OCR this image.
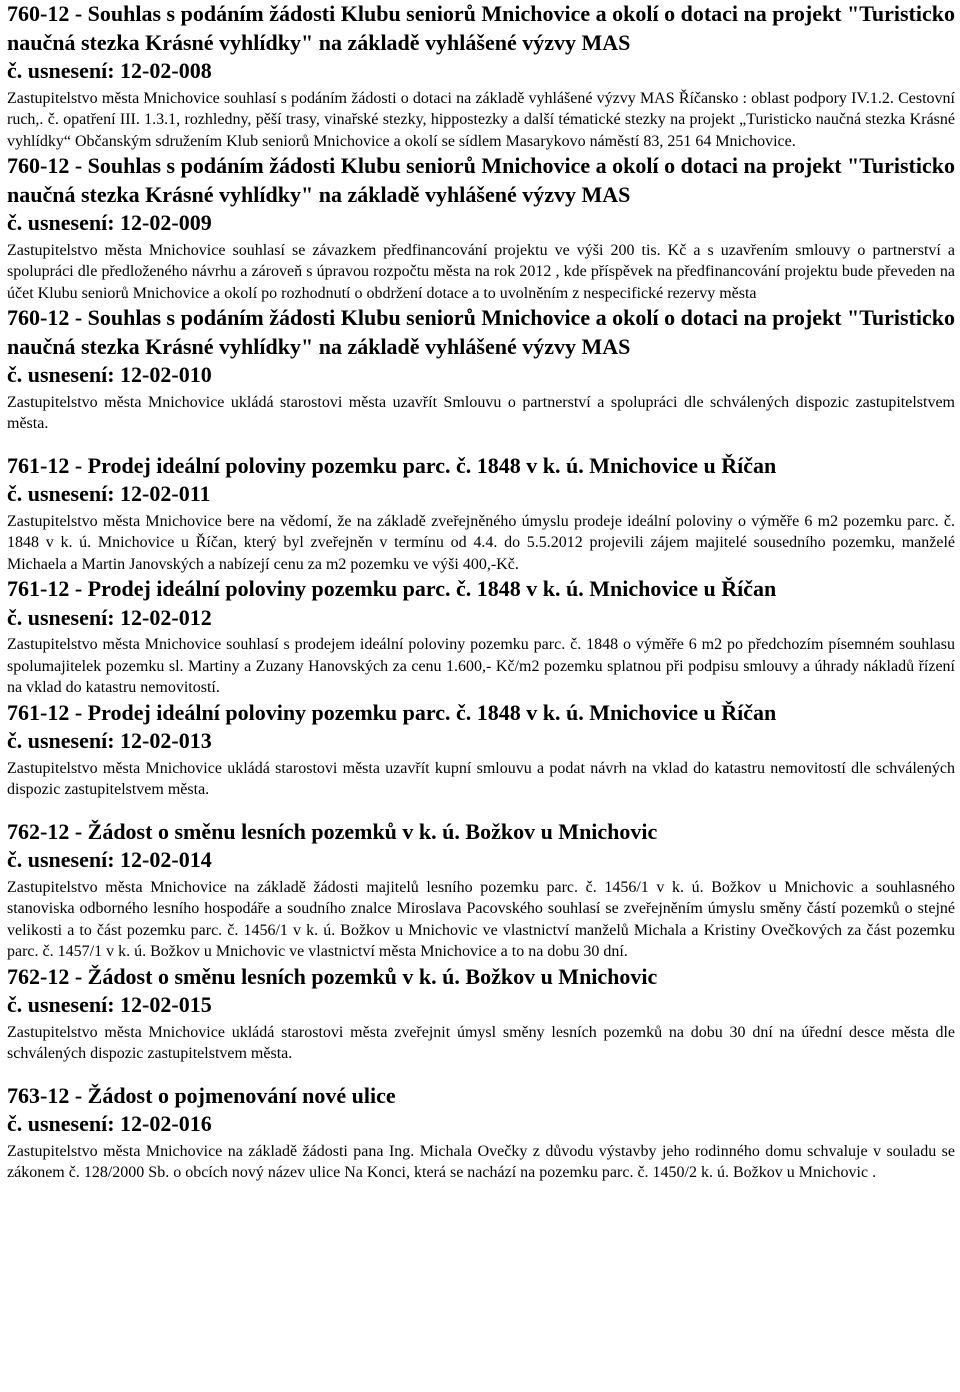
760-12 - Souhlas s podáním žádosti Klubu seniorů Mnichovice a okolí o dotaci na projekt "Turisticko naučná stezka Krásné vyhlídky" na základě vyhlášené výzvy MAS

č. usnesení: 12-02-008

Zastupitelstvo města Mnichovice souhlasí s podáním žádosti o dotaci na základě vyhlášené výzvy MAS Říčansko : oblast podpory IV.1.2. Cestovní ruch,. č. opatření III. 1.3.1, rozhledny, pěší trasy, vinařské stezky, hippostezky a další tématické stezky na projekt „Turisticko naučná stezka Krásné vyhlídky“ Občanským sdružením Klub seniorů Mnichovice a okolí se sídlem Masarykovo náměstí 83, 251 64 Mnichovice.

760-12 - Souhlas s podáním žádosti Klubu seniorů Mnichovice a okolí o dotaci na projekt "Turisticko naučná stezka Krásné vyhlídky" na základě vyhlášené výzvy MAS

č. usnesení: 12-02-009

Zastupitelstvo města Mnichovice souhlasí se závazkem předfinancování projektu ve výši 200 tis. Kč a s uzavřením smlouvy o partnerství a spolupráci dle předloženého návrhu a zároveň s úpravou rozpočtu města na rok 2012 , kde příspěvek na předfinancování projektu bude převeden na účet Klubu seniorů Mnichovice a okolí po rozhodnutí o obdržení dotace a to uvolněním z nespecifické rezervy města

760-12 - Souhlas s podáním žádosti Klubu seniorů Mnichovice a okolí o dotaci na projekt "Turisticko naučná stezka Krásné vyhlídky" na základě vyhlášené výzvy MAS

č. usnesení: 12-02-010

Zastupitelstvo města Mnichovice ukládá starostovi města uzavřít Smlouvu o partnerství a spolupráci dle schválených dispozic zastupitelstvem města.

761-12 - Prodej ideální poloviny pozemku parc. č. 1848 v k. ú. Mnichovice u Říčan

č. usnesení: 12-02-011

Zastupitelstvo města Mnichovice bere na vědomí, že na základě zveřejněného úmyslu prodeje ideální poloviny o výměře 6 m2 pozemku parc. č. 1848 v k. ú. Mnichovice u Říčan, který byl zveřejněn v termínu od 4.4. do 5.5.2012 projevili zájem majitelé sousedního pozemku, manželé Michaela a Martin Janovských a nabízejí cenu za m2 pozemku ve výši 400,-Kč.

761-12 - Prodej ideální poloviny pozemku parc. č. 1848 v k. ú. Mnichovice u Říčan

č. usnesení: 12-02-012

Zastupitelstvo města Mnichovice souhlasí s prodejem ideální poloviny pozemku parc. č. 1848 o výměře 6 m2 po předchozím písemném souhlasu spolumajitelek pozemku sl. Martiny a Zuzany Hanovských za cenu 1.600,- Kč/m2 pozemku splatnou při podpisu smlouvy a úhrady nákladů řízení na vklad do katastru nemovitostí.

761-12 - Prodej ideální poloviny pozemku parc. č. 1848 v k. ú. Mnichovice u Říčan

č. usnesení: 12-02-013

Zastupitelstvo města Mnichovice ukládá starostovi města uzavřít kupní smlouvu a podat návrh na vklad do katastru nemovitostí dle schválených dispozic zastupitelstvem města.

762-12 - Žádost o směnu lesních pozemků v k. ú. Božkov u Mnichovic

č. usnesení: 12-02-014

Zastupitelstvo města Mnichovice na základě žádosti majitelů lesního pozemku parc. č. 1456/1 v k. ú. Božkov u Mnichovic a souhlasného stanoviska odborného lesního hospodáře a soudního znalce Miroslava Pacovského souhlasí se zveřejněním úmyslu směny částí pozemků o stejné velikosti a to část pozemku parc. č. 1456/1 v k. ú. Božkov u Mnichovic ve vlastnictví manželů Michala a Kristiny Ovečkových za část pozemku parc. č. 1457/1 v k. ú. Božkov u Mnichovic ve vlastnictví města Mnichovice a to na dobu 30 dní.

762-12 - Žádost o směnu lesních pozemků v k. ú. Božkov u Mnichovic

č. usnesení: 12-02-015

Zastupitelstvo města Mnichovice ukládá starostovi města zveřejnit úmysl směny lesních pozemků na dobu 30 dní na úřední desce města dle schválených dispozic zastupitelstvem města.

763-12 - Žádost o pojmenování nové ulice

č. usnesení: 12-02-016

Zastupitelstvo města Mnichovice na základě žádosti pana Ing. Michala Ovečky z důvodu výstavby jeho rodinného domu schvaluje v souladu se zákonem č. 128/2000 Sb. o obcích nový název ulice Na Konci, která se nachází na pozemku parc. č. 1450/2 k. ú. Božkov u Mnichovic .
